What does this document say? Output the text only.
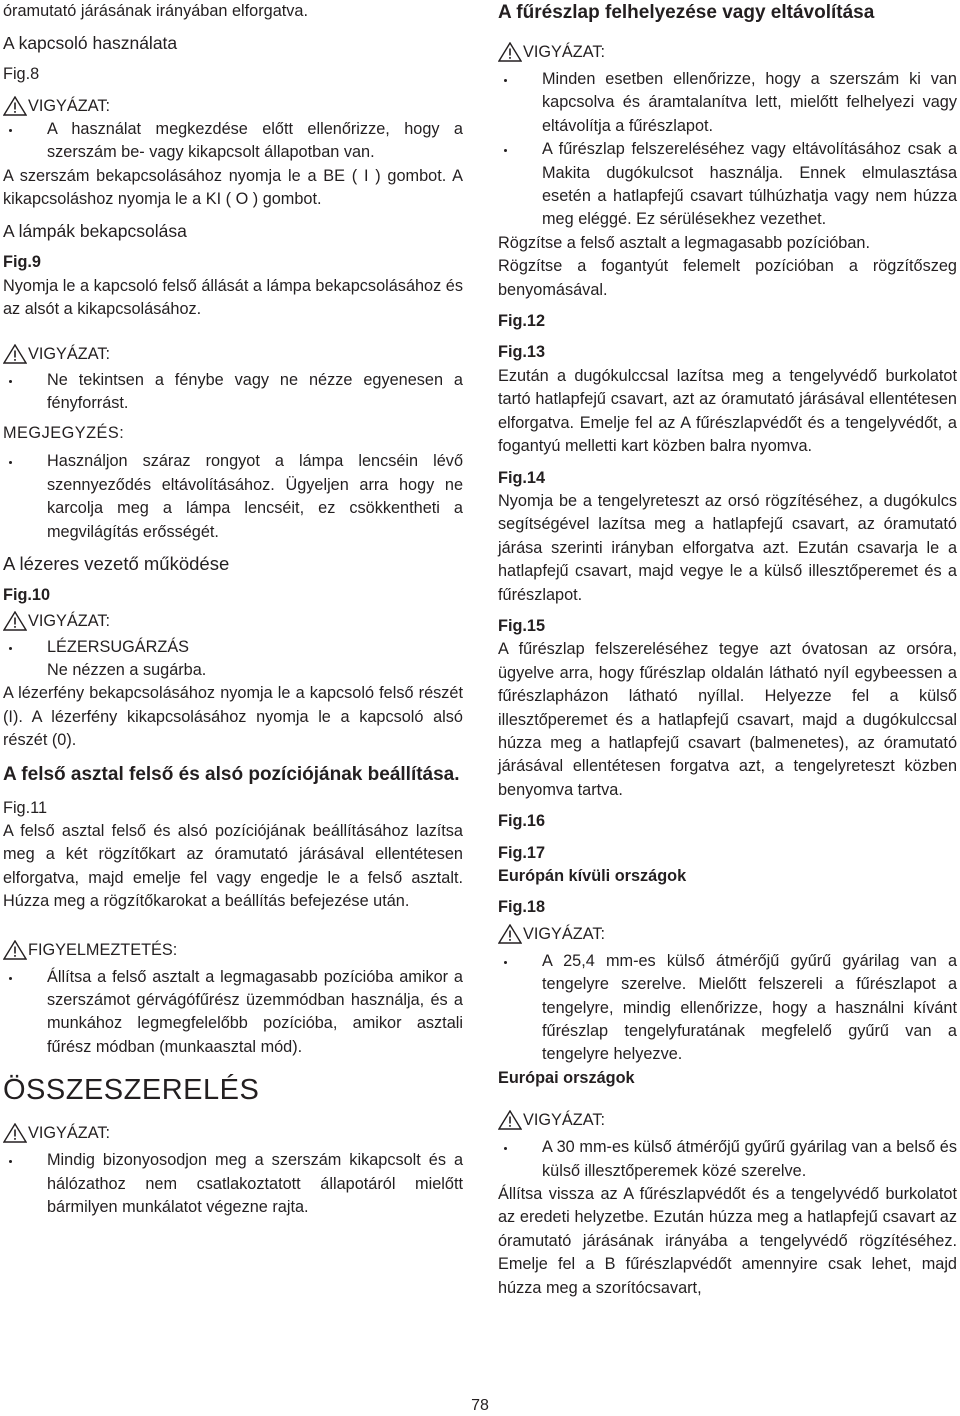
óramutató járásának irányában elforgatva.

A kapcsoló használata

Fig.8

VIGYÁZAT:
A használat megkezdése előtt ellenőrizze, hogy a szerszám be- vagy kikapcsolt állapotban van.

A szerszám bekapcsolásához nyomja le a BE ( I ) gombot. A kikapcsoláshoz nyomja le a KI ( O ) gombot.

A lámpák bekapcsolása

Fig.9

Nyomja le a kapcsoló felső állását a lámpa bekapcsolásához és az alsót a kikapcsolásához.

VIGYÁZAT:
Ne tekintsen a fénybe vagy ne nézze egyenesen a fényforrást.

MEGJEGYZÉS:

Használjon száraz rongyot a lámpa lencséin lévő szennyeződés eltávolításához. Ügyeljen arra hogy ne karcolja meg a lámpa lencséit, ez csökkentheti a megvilágítás erősségét.

A lézeres vezető működése

Fig.10

VIGYÁZAT:
LÉZERSUGÁRZÁS

Ne nézzen a sugárba.

A lézerfény bekapcsolásához nyomja le a kapcsoló felső részét (I). A lézerfény kikapcsolásához nyomja le a kapcsoló alsó részét (0).

A felső asztal felső és alsó pozíciójának beállítása.

Fig.11

A felső asztal felső és alsó pozíciójának beállításához lazítsa meg a két rögzítőkart az óramutató járásával ellentétesen elforgatva, majd emelje fel vagy engedje le a felső asztalt. Húzza meg a rögzítőkarokat a beállítás befejezése után.

FIGYELMEZTETÉS:
Állítsa a felső asztalt a legmagasabb pozícióba amikor a szerszámot gérvágófűrész üzemmódban használja, és a munkához legmegfelelőbb pozícióba, amikor asztali fűrész módban (munkaasztal mód).

ÖSSZESZERELÉS

VIGYÁZAT:
Mindig bizonyosodjon meg a szerszám kikapcsolt és a hálózathoz nem csatlakoztatott állapotáról mielőtt bármilyen munkálatot végezne rajta.

A fűrészlap felhelyezése vagy eltávolítása

VIGYÁZAT:
Minden esetben ellenőrizze, hogy a szerszám ki van kapcsolva és áramtalanítva lett, mielőtt felhelyezi vagy eltávolítja a fűrészlapot.
A fűrészlap felszereléséhez vagy eltávolításához csak a Makita dugókulcsot használja. Ennek elmulasztása esetén a hatlapfejű csavart túlhúzhatja vagy nem húzza meg eléggé. Ez sérülésekhez vezethet.

Rögzítse a felső asztalt a legmagasabb pozícióban.

Rögzítse a fogantyút felemelt pozícióban a rögzítőszeg benyomásával.

Fig.12

Fig.13

Ezután a dugókulccsal lazítsa meg a tengelyvédő burkolatot tartó hatlapfejű csavart, azt az óramutató járásával ellentétesen elforgatva. Emelje fel az A fűrészlapvédőt és a tengelyvédőt, a fogantyú melletti kart közben balra nyomva.

Fig.14

Nyomja be a tengelyreteszt az orsó rögzítéséhez, a dugókulcs segítségével lazítsa meg a hatlapfejű csavart, az óramutató járása szerinti irányban elforgatva azt. Ezután csavarja le a hatlapfejű csavart, majd vegye le a külső illesztőperemet és a fűrészlapot.

Fig.15

A fűrészlap felszereléséhez tegye azt óvatosan az orsóra, ügyelve arra, hogy fűrészlap oldalán látható nyíl egybeessen a fűrészlapházon látható nyíllal. Helyezze fel a külső illesztőperemet és a hatlapfejű csavart, majd a dugókulccsal húzza meg a hatlapfejű csavart (balmenetes), az óramutató járásával ellentétesen forgatva azt, a tengelyreteszt közben benyomva tartva.

Fig.16

Fig.17

Európán kívüli országok

Fig.18

VIGYÁZAT:
A 25,4 mm-es külső átmérőjű gyűrű gyárilag van a tengelyre szerelve. Mielőtt felszereli a fűrészlapot a tengelyre, mindig ellenőrizze, hogy a használni kívánt fűrészlap tengelyfuratának megfelelő gyűrű van a tengelyre helyezve.

Európai országok

VIGYÁZAT:
A 30 mm-es külső átmérőjű gyűrű gyárilag van a belső és külső illesztőperemek közé szerelve.

Állítsa vissza az A fűrészlapvédőt és a tengelyvédő burkolatot az eredeti helyzetbe. Ezután húzza meg a hatlapfejű csavart az óramutató járásának irányába a tengelyvédő rögzítéséhez. Emelje fel a B fűrészlapvédőt amennyire csak lehet, majd húzza meg a szorítócsavart,

78
